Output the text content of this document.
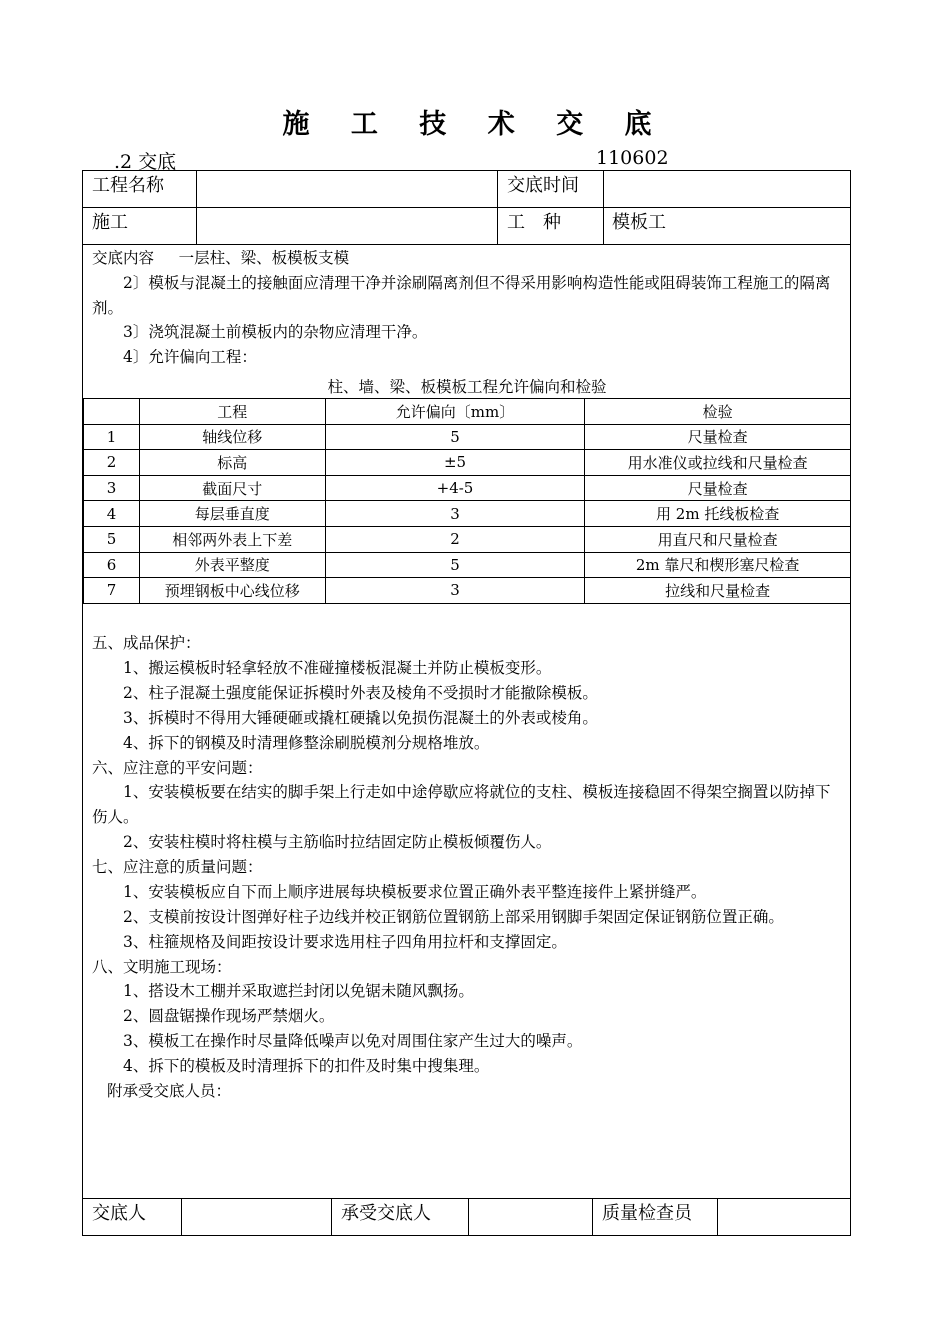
施 工 技 术 交 底
.2 交底	110602
工程名称	交底时间
施工	工　种	模板工
交底内容 一层柱、梁、板模板支模
2〕模板与混凝土的接触面应清理干净并涂刷隔离剂但不得采用影响构造性能或阻碍装饰工程施工的隔离剂。
3〕浇筑混凝土前模板内的杂物应清理干净。
4〕允许偏向工程：
柱、墙、梁、板模板工程允许偏向和检验
	工程	允许偏向〔mm〕	检验
1	轴线位移	5	尺量检查
2	标高	±5	用水准仪或拉线和尺量检查
3	截面尺寸	+4-5	尺量检查
4	每层垂直度	3	用 2m 托线板检查
5	相邻两外表上下差	2	用直尺和尺量检查
6	外表平整度	5	2m 靠尺和楔形塞尺检查
7	预埋钢板中心线位移	3	拉线和尺量检查
五、成品保护：
1、搬运模板时轻拿轻放不准碰撞楼板混凝土并防止模板变形。
2、柱子混凝土强度能保证拆模时外表及棱角不受损时才能撤除模板。
3、拆模时不得用大锤硬砸或撬杠硬撬以免损伤混凝土的外表或棱角。
4、拆下的钢模及时清理修整涂刷脱模剂分规格堆放。
六、应注意的平安问题：
1、安装模板要在结实的脚手架上行走如中途停歇应将就位的支柱、模板连接稳固不得架空搁置以防掉下伤人。
2、安装柱模时将柱模与主筋临时拉结固定防止模板倾覆伤人。
七、应注意的质量问题：
1、安装模板应自下而上顺序进展每块模板要求位置正确外表平整连接件上紧拼缝严。
2、支模前按设计图弹好柱子边线并校正钢筋位置钢筋上部采用钢脚手架固定保证钢筋位置正确。
3、柱箍规格及间距按设计要求选用柱子四角用拉杆和支撑固定。
八、文明施工现场：
1、搭设木工棚并采取遮拦封闭以免锯未随风飘扬。
2、圆盘锯操作现场严禁烟火。
3、模板工在操作时尽量降低噪声以免对周围住家产生过大的噪声。
4、拆下的模板及时清理拆下的扣件及时集中搜集理。
附承受交底人员：
交底人	承受交底人	质量检查员
